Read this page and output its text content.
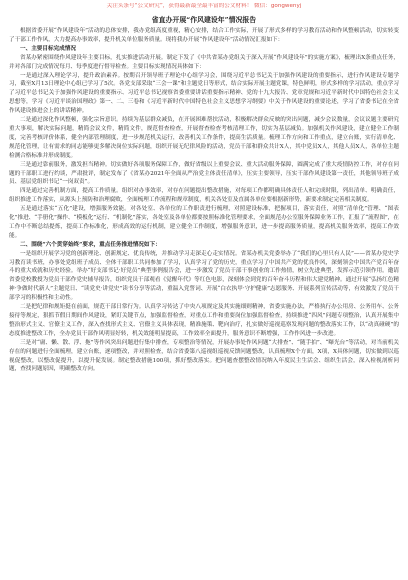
关注头条号“公文研究”，获得最新最全最丰富的公文材料！ 微信：gongwenyj
省直办开展“作风建设年”情况报告

根据省委开展“作风建设年”活动的总体安排，我办党组高度重视，精心安排，结合工作实际，开展了形式多样的学习教育活动和作风整顿活动，切实转变了干部工作作风，大力提高办事效率，提升机关单位服务质量。现将我办开展“作风建设年”活动情况汇报如下：

一、主要目标完成情况

省某办紧密围绕作风建设年主要目标，扎实推进活动开展。制定下发了《中共省某办党组关于深入开展“作风建设年”的实施方案》，梳理出X条重点任务，并对各部门完成情况每月、每季度进行督导检查。主要目标实现情况具体如下：

一是通过深入理论学习，提升政治素养。按期召开领导班子理论中心组学习会，围绕习近平总书记关于加强作风建设的重要指示，进行作风建设专题学习，截至X月13日理论中心组已学习了5次。各党支部采取“三会一课”和主题党日等形式，结合实际开展主题党课，特色鲜明，形式多样的学习活动，重点学习了习近平总书记关于加强作风建设的重要指示、习近平总书记视察省委重要讲话重要指示精神、党的十九大报告、党章党规和习近平新时代中国特色社会主义思想等，学习《习近平谈治国理政》第一、二、三卷和《习近平新时代中国特色社会主义思想学习纲要》中关于作风建设的重要论述，学习了省委书记在全省作风建设推进会上的讲话精神。

二是通过深化作风整顿，强化宗旨意识。持续为基层群众减负，在开展困难帮扶活动，积极解决群众反映的突出问题，减少会议数量，会议议题主要研究重大事项，解决实际问题，精简会议文件，精简文件，规范督查检查，开展督查检查考核清理工作，切实为基层减负。加强机关作风建设，建立健全工作制度，完善考核评价体系，健全内部管理制度，进一步规范机关运行，改善机关工作条件，提高生活质量。梳理工作方向和工作重点，建立台账，实行清单化、规范化管理，让有需求的同志能够更多解决岗位实际问题，组织开展无纪律风险的活动，党员干部和群众共计X人，其中党员X人，其他人员X人，各单位主题检测合格标准并形成制度。

三是通过靠前服务，激发担当精神。切实做好各项服务保障工作，做好省级以上重要会议、重大活动服务保障，圆满完成了重大疫情防控工作，对存在问题的干部职工进行约谈，严肃批评，制定发布了《省某办2021年全面从严治党主体责任清单》，压实主要领导，压实干部作风建设第一责任，其他领导班子成员、基层党组织书记“一岗双责”。

四是通过完善机制方面，提高工作质量。组织对办事效率，对存在问题提出整改措施，对每项工作都明确具体责任人和完成时限，列出清单、明确责任，组织推进工作落实，从源头上预防和治理腐败，全面梳理工作流程和规章制度，机关各处室及直属各单位要根据新形势，新要求制定完善相关制度。

五是通过落实“五化”建设，增强服务效能。对各处室、各单位的工作职责进行梳理，对照建设标准，把握项目，落实责任，对照“清单化”管理、“图表化”推进、“手册化”操作、“模板化”运行、“机制化”落实，各处室及各单位都要按照标准化管理要求，全面规范办公室服务保障业务工作，汇报了“流程图”，在工作中不断总结提炼，提高工作标准化，形成高效的运行机制，建立健全工作制度，增强服务意识，进一步提高服务质量，提高机关服务效率，提高工作效能。

二、围绕“六个贯穿始终”要求，重点任务推进情况如下：

一是组织开展学习党的创新理论、创新规定、优良传统，并推动学习走深走心走实情况。省某办机关党委举办了“我们的心里只有人民”——省某办党史学习教育读书班，办事处党组班子成员、全体干部职工共同参加了学习，认真学习了党的历史，重点学习了中国共产党的优良作风，深刻领会中国共产党百年奋斗的重大成就和历史经验。举办“好支部书记·好党员”典型事例报告会，进一步激发了党员干部干事创业的工作热情，树立先进典型，发挥示范引领作用。邀请省委党校教授为党员干部作党史辅导报告，组织党员干部观看《觉醒年代》等红色电影，深刻体会到党的百年奋斗历程和伟大建党精神。通过开展“弘扬红色精神·争做时代新人”主题党日、“读党史·讲党史”读书分享等活动，重温入党誓词、开展“白衣执甲·守护健康”志愿服务、开展系列宣传活动等，有效激发了党员干部学习的积极性和主动性。

二是把纪律和规矩挺在前面，规范干部日常行为。认真学习传达了中央八项规定及其实施细则精神，省委实施办法，严格执行办公用房、公务用车、公务接待等规定，狠抓节假日期间作风建设，紧盯关键节点，加强监督检查，对重点工作和重要岗位加强监督检查，持续推进“四风”问题专项整治，认真开展集中整治形式主义、官僚主义工作，深入查找形式主义、官僚主义具体表现，精准施策、靶向治疗，扎实做好巡视巡察发现问题的整改落实工作，以“动真碰硬”的态度推进整改工作，全办党员干部作风明显好转，机关效能明显提高，工作效率全面提升，服务意识不断增强，工作作风进一步改进。

三是对“庸、懒、散、浮、拖”等作风突出问题进行集中排查，专项整治等情况，开展办事处作风问题“大排查”、“随手拍”、“曝光台”等活动，对当前机关存在的问题进行全面梳理，建立台账，逐项整改，并对照检查，结合省委第八巡视组巡视反馈问题整改，认真梳理X个方面，X项，X具体问题，切实做到以巡视促整改，以整改促提升，以提升促发展。制定整改措施100项，抓好整改落实。把问题查摆整改情况纳入年度民主生活会、组织生活会，深入检视剖析问题，查找问题原因，明确整改方向。
